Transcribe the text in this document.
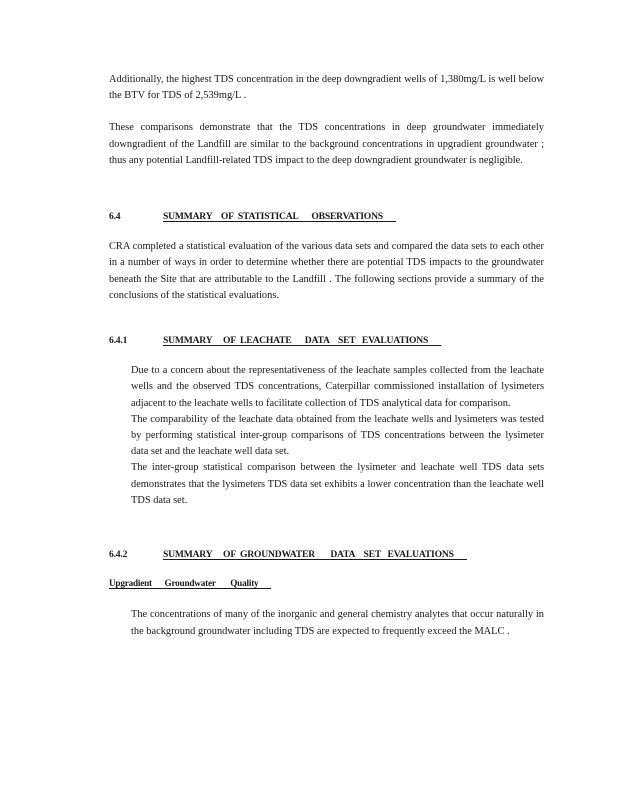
Additionally, the highest TDS concentration in the deep downgradient wells of 1,380mg/L is well below the BTV for TDS of 2,539mg/L .

These comparisons demonstrate that the TDS concentrations in deep groundwater immediately downgradient of the Landfill are similar to the background concentrations in upgradient groundwater ; thus any potential Landfill-related TDS impact to the deep downgradient groundwater is negligible.

6.4	SUMMARY    OF  STATISTICAL      OBSERVATIONS

CRA completed a statistical evaluation of the various data sets and compared the data sets to each other in a number of ways in order to determine whether there are potential TDS impacts to the groundwater beneath the Site that are attributable to the Landfill . The following sections provide a summary of the conclusions of the statistical evaluations.

6.4.1	SUMMARY     OF  LEACHATE      DATA    SET   EVALUATIONS
Due to a concern about the representativeness of the leachate samples collected from the leachate wells and the observed TDS concentrations, Caterpillar commissioned installation of lysimeters adjacent to the leachate wells to facilitate collection of TDS analytical data for comparison.
The comparability of the leachate data obtained from the leachate wells and lysimeters was tested by performing statistical inter-group comparisons of TDS concentrations between the lysimeter data set and the leachate well data set.
The inter-group statistical comparison between the lysimeter and leachate well TDS data sets demonstrates that the lysimeters TDS data set exhibits a lower concentration than the leachate well TDS data set.
6.4.2	SUMMARY     OF  GROUNDWATER       DATA    SET   EVALUATIONS
Upgradient      Groundwater       Quality
The concentrations of many of the inorganic and general chemistry analytes that occur naturally in the background groundwater including TDS are expected to frequently exceed the MALC .
